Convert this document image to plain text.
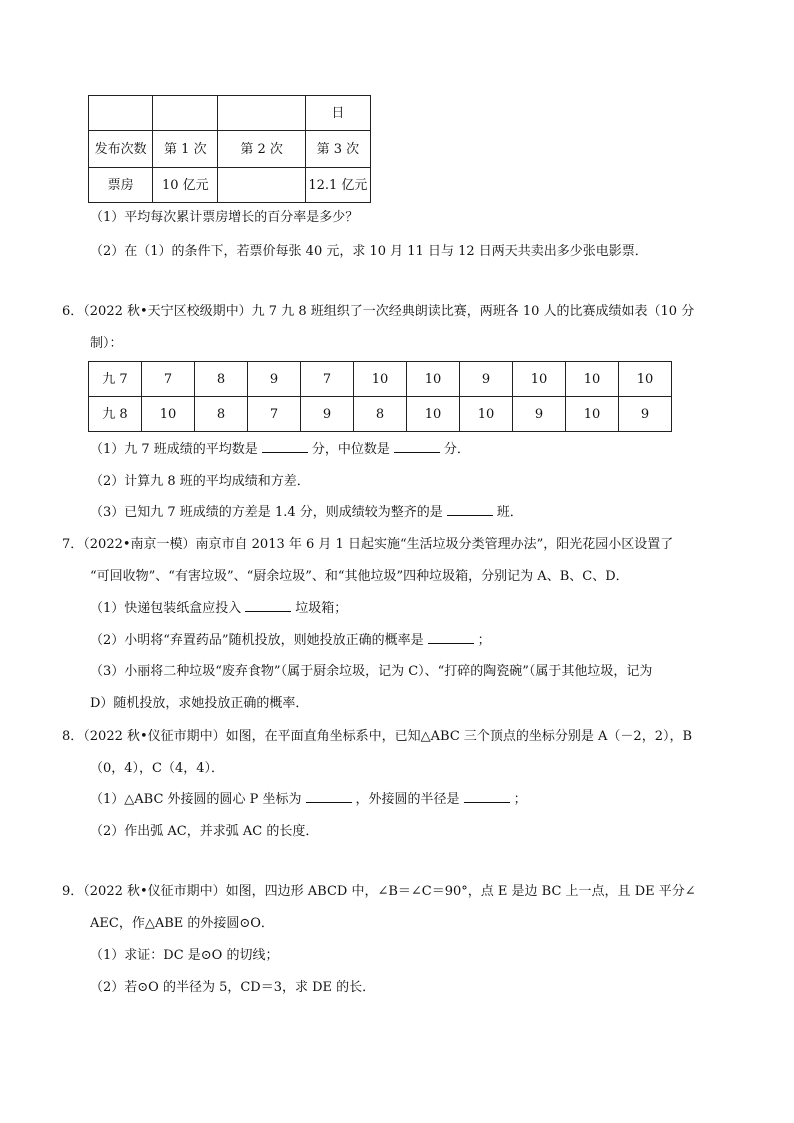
			日
发布次数	第 1 次	第 2 次	第 3 次
票房	10 亿元		12.1 亿元
（1）平均每次累计票房增长的百分率是多少？
（2）在（1）的条件下，若票价每张 40 元，求 10 月 11 日与 12 日两天共卖出多少张电影票．
6．（2022 秋•天宁区校级期中）九 7 九 8 班组织了一次经典朗读比赛，两班各 10 人的比赛成绩如表（10 分
制）：
九 7	7	8	9	7	10	10	9	10	10	10
九 8	10	8	7	9	8	10	10	9	10	9
（1）九 7 班成绩的平均数是	分，中位数是	分．
（2）计算九 8 班的平均成绩和方差．
（3）已知九 7 班成绩的方差是 1.4 分，则成绩较为整齐的是	班．
7．（2022•南京一模）南京市自 2013 年 6 月 1 日起实施“生活垃圾分类管理办法”，阳光花园小区设置了
“可回收物”、“有害垃圾”、“厨余垃圾”、和“其他垃圾”四种垃圾箱，分别记为 A、B、C、D．
（1）快递包装纸盒应投入	垃圾箱；
（2）小明将“弃置药品”随机投放，则她投放正确的概率是	；
（3）小丽将二种垃圾“废弃食物”（属于厨余垃圾，记为 C）、“打碎的陶瓷碗”（属于其他垃圾，记为
D）随机投放，求她投放正确的概率．
8．（2022 秋•仪征市期中）如图，在平面直角坐标系中，已知△ABC 三个顶点的坐标分别是 A（－2，2），B
（0，4），C（4，4）．
（1）△ABC 外接圆的圆心 P 坐标为	，外接圆的半径是	；
（2）作出弧 AC，并求弧 AC 的长度．
9．（2022 秋•仪征市期中）如图，四边形 ABCD 中，∠B＝∠C＝90°，点 E 是边 BC 上一点，且 DE 平分∠
AEC，作△ABE 的外接圆⊙O．
（1）求证：DC 是⊙O 的切线；
（2）若⊙O 的半径为 5，CD＝3，求 DE 的长．
